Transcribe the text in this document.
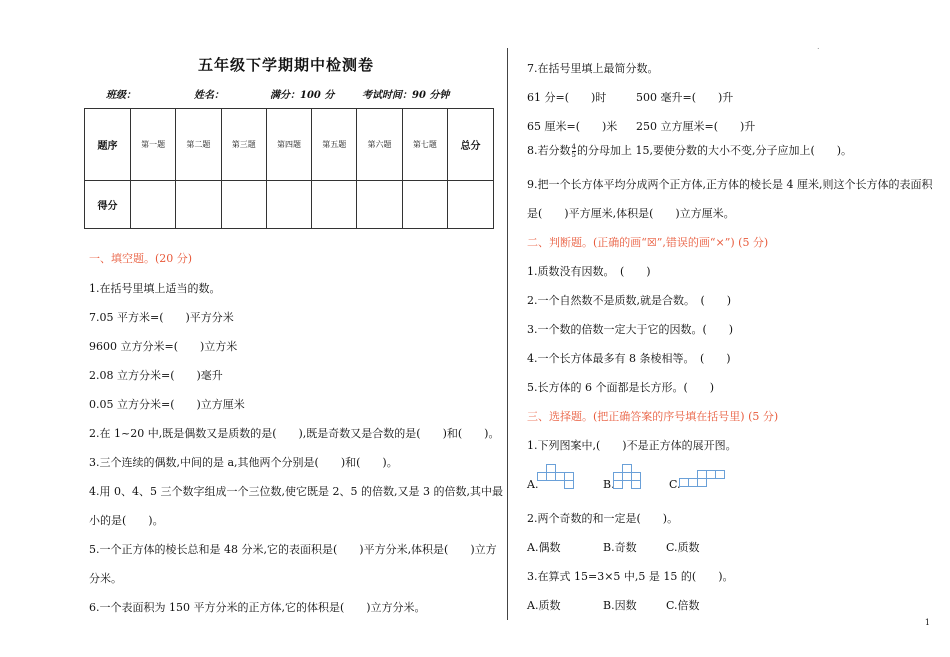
五年级下学期期中检测卷
班级：	姓名：	满分：100 分	考试时间：90 分钟
题序	第一题	第二题	第三题	第四题	第五题	第六题	第七题	总分
得分								
一、填空题。(20 分)
1.在括号里填上适当的数。
7.05 平方米=(　　)平方分米
9600 立方分米=(　　)立方米
2.08 立方分米=(　　)毫升
0.05 立方分米=(　　)立方厘米
2.在 1~20 中,既是偶数又是质数的是(　　),既是奇数又是合数的是(　　)和(　　)。
3.三个连续的偶数,中间的是 a,其他两个分别是(　　)和(　　)。
4.用 0、4、5 三个数字组成一个三位数,使它既是 2、5 的倍数,又是 3 的倍数,其中最
小的是(　　)。
5.一个正方体的棱长总和是 48 分米,它的表面积是(　　)平方分米,体积是(　　)立方
分米。
6.一个表面积为 150 平方分米的正方体,它的体积是(　　)立方分米。
.
7.在括号里填上最简分数。
61 分=(　　)时	500 毫升=(　　)升
65 厘米=(　　)米 250 立方厘米=(　　)升
8.若分数 $\frac{4}{5}$ 的分母加上 15,要使分数的大小不变,分子应加上(　　)。
9.把一个长方体平均分成两个正方体,正方体的棱长是 4 厘米,则这个长方体的表面积
是(　　)平方厘米,体积是(　　)立方厘米。
二、判断题。(正确的画“☒”,错误的画“×”) (5 分)
1.质数没有因数。　(　　)
2.一个自然数不是质数,就是合数。　(　　)
3.一个数的倍数一定大于它的因数。(　　)
4.一个长方体最多有 8 条棱相等。　(　　)
5.长方体的 6 个面都是长方形。(　　)
三、选择题。(把正确答案的序号填在括号里) (5 分)
1.下列图案中,(　　)不是正方体的展开图。
A.	B.	C.
2.两个奇数的和一定是(　　)。
A.偶数	B.奇数	C.质数
3.在算式 15=3×5 中,5 是 15 的(　　)。
A.质数	B.因数	C.倍数
1
